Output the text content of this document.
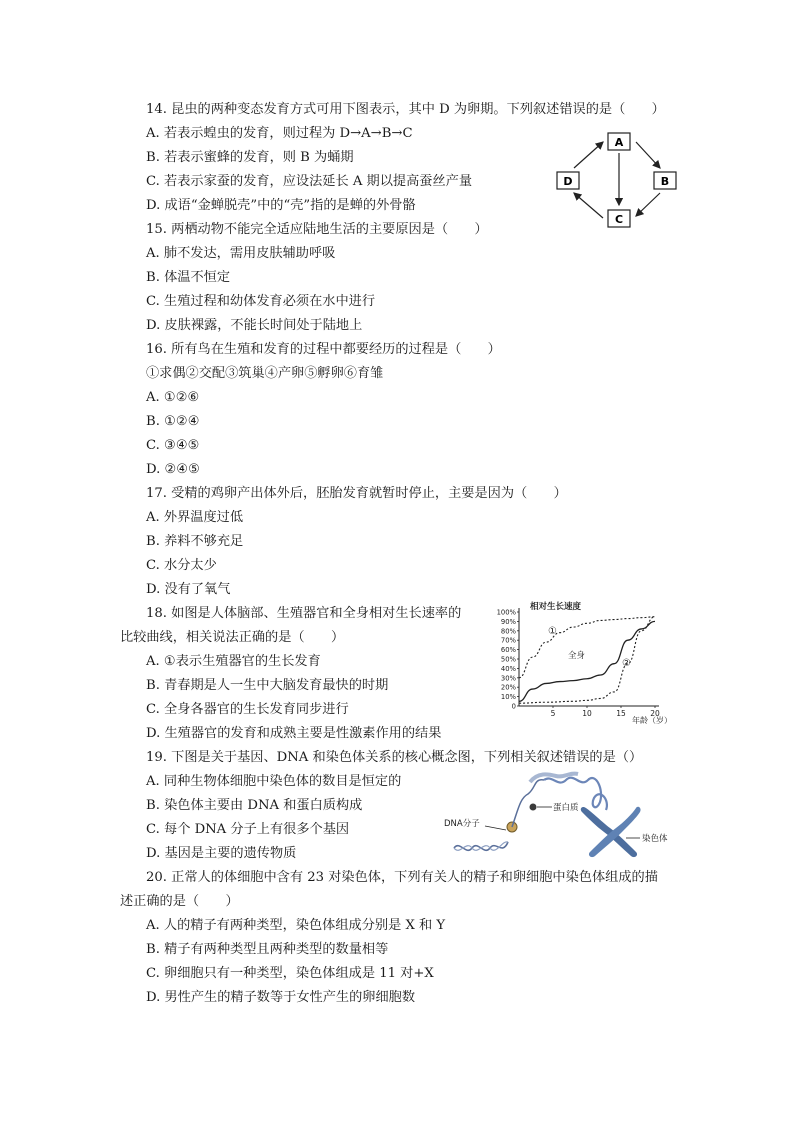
14. 昆虫的两种变态发育方式可用下图表示，其中 D 为卵期。下列叙述错误的是（　　）
A. 若表示蝗虫的发育，则过程为 D→A→B→C
B. 若表示蜜蜂的发育，则 B 为蛹期
C. 若表示家蚕的发育，应设法延长 A 期以提高蚕丝产量
D. 成语“金蝉脱壳”中的“壳”指的是蝉的外骨骼
A
D	B
C
15. 两栖动物不能完全适应陆地生活的主要原因是（　　）
A. 肺不发达，需用皮肤辅助呼吸
B. 体温不恒定
C. 生殖过程和幼体发育必须在水中进行
D. 皮肤裸露，不能长时间处于陆地上
16. 所有鸟在生殖和发育的过程中都要经历的过程是（　　）
①求偶②交配③筑巢④产卵⑤孵卵⑥育雏
A. ①②⑥
B. ①②④
C. ③④⑤
D. ②④⑤
17. 受精的鸡卵产出体外后，胚胎发育就暂时停止，主要是因为（　　）
A. 外界温度过低
B. 养料不够充足
C. 水分太少
D. 没有了氧气
18. 如图是人体脑部、生殖器官和全身相对生长速率的
比较曲线，相关说法正确的是（　　）
A. ①表示生殖器官的生长发育
B. 青春期是人一生中大脑发育最快的时期
C. 全身各器官的生长发育同步进行
D. 生殖器官的发育和成熟主要是性激素作用的结果
100%
90%
80%
70%
60%
50%
40%
30%
20%
10%
0
5	10	15	20
相对生长速度
年龄（岁）
①
全身
②
19. 下图是关于基因、DNA 和染色体关系的核心概念图，下列相关叙述错误的是（）
A. 同种生物体细胞中染色体的数目是恒定的
B. 染色体主要由 DNA 和蛋白质构成
C. 每个 DNA 分子上有很多个基因
D. 基因是主要的遗传物质
DNA分子
蛋白质
染色体
20. 正常人的体细胞中含有 23 对染色体，下列有关人的精子和卵细胞中染色体组成的描
述正确的是（　　）
A. 人的精子有两种类型，染色体组成分别是 X 和 Y
B. 精子有两种类型且两种类型的数量相等
C. 卵细胞只有一种类型，染色体组成是 11 对+X
D. 男性产生的精子数等于女性产生的卵细胞数
